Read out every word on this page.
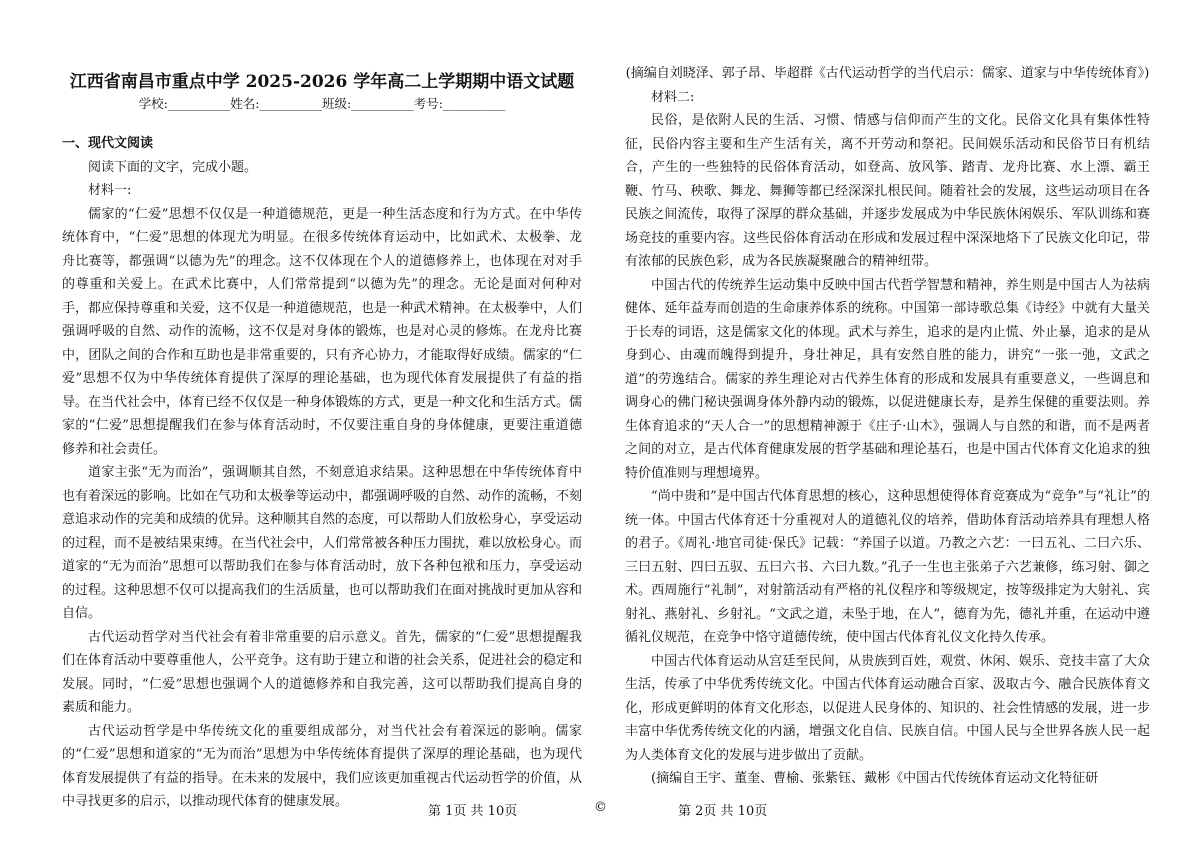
江西省南昌市重点中学 2025-2026 学年高二上学期期中语文试题
学校:__________姓名:__________班级:__________考号:__________
一、现代文阅读

阅读下面的文字，完成小题。

材料一:

儒家的“仁爱”思想不仅仅是一种道德规范，更是一种生活态度和行为方式。在中华传统体育中，“仁爱”思想的体现尤为明显。在很多传统体育运动中，比如武术、太极拳、龙舟比赛等，都强调“以德为先”的理念。这不仅体现在个人的道德修养上，也体现在对对手的尊重和关爱上。在武术比赛中，人们常常提到“以德为先”的理念。无论是面对何种对手，都应保持尊重和关爱，这不仅是一种道德规范，也是一种武术精神。在太极拳中，人们强调呼吸的自然、动作的流畅，这不仅是对身体的锻炼，也是对心灵的修炼。在龙舟比赛中，团队之间的合作和互助也是非常重要的，只有齐心协力，才能取得好成绩。儒家的“仁爱”思想不仅为中华传统体育提供了深厚的理论基础，也为现代体育发展提供了有益的指导。在当代社会中，体育已经不仅仅是一种身体锻炼的方式，更是一种文化和生活方式。儒家的“仁爱”思想提醒我们在参与体育活动时，不仅要注重自身的身体健康，更要注重道德修养和社会责任。

道家主张“无为而治”，强调顺其自然，不刻意追求结果。这种思想在中华传统体育中也有着深远的影响。比如在气功和太极拳等运动中，都强调呼吸的自然、动作的流畅，不刻意追求动作的完美和成绩的优异。这种顺其自然的态度，可以帮助人们放松身心，享受运动的过程，而不是被结果束缚。在当代社会中，人们常常被各种压力围扰，难以放松身心。而道家的“无为而治”思想可以帮助我们在参与体育活动时，放下各种包袱和压力，享受运动的过程。这种思想不仅可以提高我们的生活质量，也可以帮助我们在面对挑战时更加从容和自信。

古代运动哲学对当代社会有着非常重要的启示意义。首先，儒家的“仁爱”思想提醒我们在体育活动中要尊重他人，公平竞争。这有助于建立和谐的社会关系，促进社会的稳定和发展。同时，“仁爱”思想也强调个人的道德修养和自我完善，这可以帮助我们提高自身的素质和能力。

古代运动哲学是中华传统文化的重要组成部分，对当代社会有着深远的影响。儒家的“仁爱”思想和道家的“无为而治”思想为中华传统体育提供了深厚的理论基础，也为现代体育发展提供了有益的指导。在未来的发展中，我们应该更加重视古代运动哲学的价值，从中寻找更多的启示，以推动现代体育的健康发展。

(摘编自刘晓泽、郭子昂、毕超群《古代运动哲学的当代启示：儒家、道家与中华传统体育》)

材料二:

民俗，是依附人民的生活、习惯、情感与信仰而产生的文化。民俗文化具有集体性特征，民俗内容主要和生产生活有关，离不开劳动和祭祀。民间娱乐活动和民俗节日有机结合，产生的一些独特的民俗体育活动，如登高、放风筝、踏青、龙舟比赛、水上漂、霸王鞭、竹马、秧歌、舞龙、舞狮等都已经深深扎根民间。随着社会的发展，这些运动项目在各民族之间流传，取得了深厚的群众基础，并逐步发展成为中华民族休闲娱乐、军队训练和赛场竞技的重要内容。这些民俗体育活动在形成和发展过程中深深地烙下了民族文化印记，带有浓郁的民族色彩，成为各民族凝聚融合的精神纽带。

中国古代的传统养生运动集中反映中国古代哲学智慧和精神，养生则是中国古人为祛病健体、延年益寿而创造的生命康养体系的统称。中国第一部诗歌总集《诗经》中就有大量关于长寿的词语，这是儒家文化的体现。武术与养生，追求的是内止慌、外止暴，追求的是从身到心、由魂而魄得到提升，身壮神足，具有安然自胜的能力，讲究“一张一弛，文武之道”的劳逸结合。儒家的养生理论对古代养生体育的形成和发展具有重要意义，一些调息和调身心的佛门秘诀强调身体外静内动的锻炼，以促进健康长寿，是养生保健的重要法则。养生体育追求的“天人合一”的思想精神源于《庄子·山木》，强调人与自然的和谐，而不是两者之间的对立，是古代体育健康发展的哲学基础和理论基石，也是中国古代体育文化追求的独特价值准则与理想境界。

“尚中贵和”是中国古代体育思想的核心，这种思想使得体育竞赛成为“竞争”与“礼让”的统一体。中国古代体育还十分重视对人的道德礼仪的培养，借助体育活动培养具有理想人格的君子。《周礼·地官司徒·保氏》记载：“养国子以道。乃教之六艺：一曰五礼、二曰六乐、三曰五射、四曰五驭、五曰六书、六曰九数。”孔子一生也主张弟子六艺兼修，练习射、御之术。西周施行“礼制”，对射箭活动有严格的礼仪程序和等级规定，按等级排定为大射礼、宾射礼、燕射礼、乡射礼。“文武之道，未坠于地，在人”，德育为先，德礼并重，在运动中遵循礼仪规范，在竞争中恪守道德传统，使中国古代体育礼仪文化持久传承。

中国古代体育运动从宫廷至民间，从贵族到百姓，观赏、休闲、娱乐、竞技丰富了大众生活，传承了中华优秀传统文化。中国古代体育运动融合百家、汲取古今、融合民族体育文化，形成更鲜明的体育文化形态，以促进人民身体的、知识的、社会性情感的发展，进一步丰富中华优秀传统文化的内涵，增强文化自信、民族自信。中国人民与全世界各族人民一起为人类体育文化的发展与进步做出了贡献。

(摘编自王宇、董奎、曹榆、张紫钰、戴彬《中国古代传统体育运动文化特征研

第 1页 共 10页	©	第 2页 共 10页
